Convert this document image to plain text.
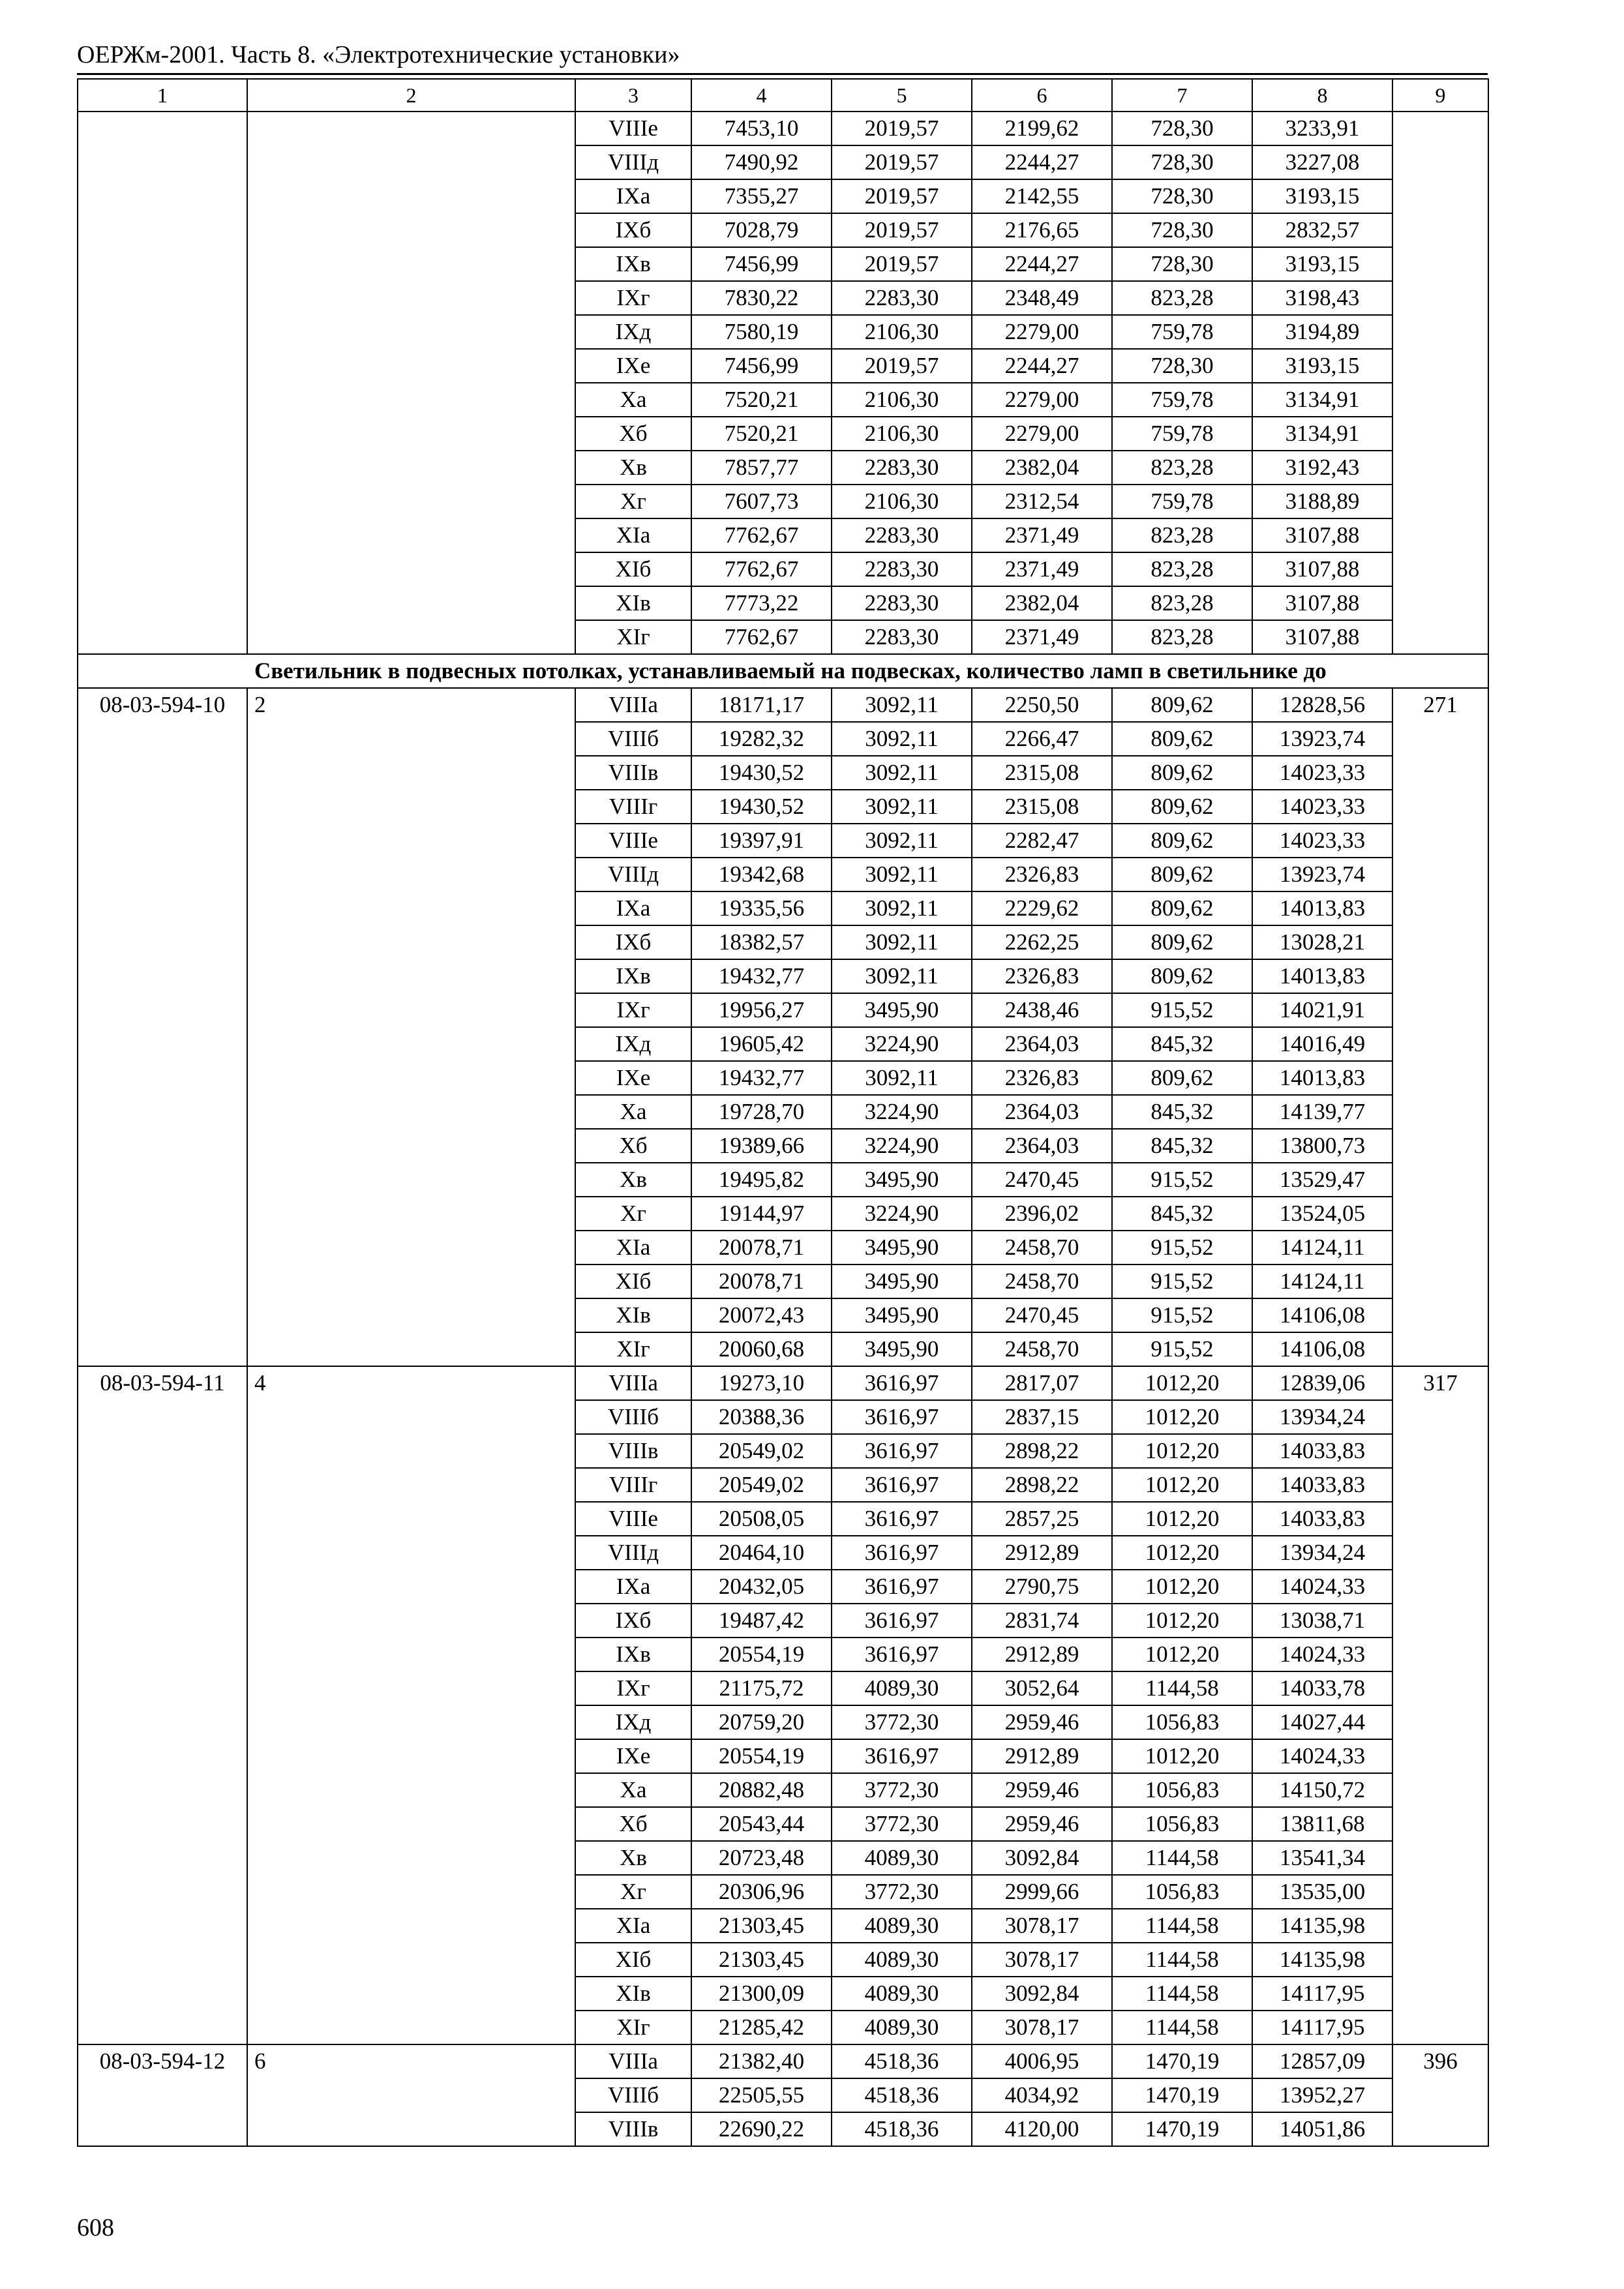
ОЕРЖм-2001. Часть 8. «Электротехнические установки»
1	2	3	4	5	6	7	8	9
		VIIIе	7453,10	2019,57	2199,62	728,30	3233,91	
		VIIIд	7490,92	2019,57	2244,27	728,30	3227,08	
		IXа	7355,27	2019,57	2142,55	728,30	3193,15	
		IXб	7028,79	2019,57	2176,65	728,30	2832,57	
		IXв	7456,99	2019,57	2244,27	728,30	3193,15	
		IXг	7830,22	2283,30	2348,49	823,28	3198,43	
		IXд	7580,19	2106,30	2279,00	759,78	3194,89	
		IXе	7456,99	2019,57	2244,27	728,30	3193,15	
		Xа	7520,21	2106,30	2279,00	759,78	3134,91	
		Xб	7520,21	2106,30	2279,00	759,78	3134,91	
		Xв	7857,77	2283,30	2382,04	823,28	3192,43	
		Xг	7607,73	2106,30	2312,54	759,78	3188,89	
		XIа	7762,67	2283,30	2371,49	823,28	3107,88	
		XIб	7762,67	2283,30	2371,49	823,28	3107,88	
		XIв	7773,22	2283,30	2382,04	823,28	3107,88	
		XIг	7762,67	2283,30	2371,49	823,28	3107,88	
Светильник в подвесных потолках, устанавливаемый на подвесках, количество ламп в светильнике до								
08-03-594-10	2	VIIIа	18171,17	3092,11	2250,50	809,62	12828,56	271
		VIIIб	19282,32	3092,11	2266,47	809,62	13923,74	
		VIIIв	19430,52	3092,11	2315,08	809,62	14023,33	
		VIIIг	19430,52	3092,11	2315,08	809,62	14023,33	
		VIIIе	19397,91	3092,11	2282,47	809,62	14023,33	
		VIIIд	19342,68	3092,11	2326,83	809,62	13923,74	
		IXа	19335,56	3092,11	2229,62	809,62	14013,83	
		IXб	18382,57	3092,11	2262,25	809,62	13028,21	
		IXв	19432,77	3092,11	2326,83	809,62	14013,83	
		IXг	19956,27	3495,90	2438,46	915,52	14021,91	
		IXд	19605,42	3224,90	2364,03	845,32	14016,49	
		IXе	19432,77	3092,11	2326,83	809,62	14013,83	
		Xа	19728,70	3224,90	2364,03	845,32	14139,77	
		Xб	19389,66	3224,90	2364,03	845,32	13800,73	
		Xв	19495,82	3495,90	2470,45	915,52	13529,47	
		Xг	19144,97	3224,90	2396,02	845,32	13524,05	
		XIа	20078,71	3495,90	2458,70	915,52	14124,11	
		XIб	20078,71	3495,90	2458,70	915,52	14124,11	
		XIв	20072,43	3495,90	2470,45	915,52	14106,08	
		XIг	20060,68	3495,90	2458,70	915,52	14106,08	
08-03-594-11	4	VIIIа	19273,10	3616,97	2817,07	1012,20	12839,06	317
		VIIIб	20388,36	3616,97	2837,15	1012,20	13934,24	
		VIIIв	20549,02	3616,97	2898,22	1012,20	14033,83	
		VIIIг	20549,02	3616,97	2898,22	1012,20	14033,83	
		VIIIе	20508,05	3616,97	2857,25	1012,20	14033,83	
		VIIIд	20464,10	3616,97	2912,89	1012,20	13934,24	
		IXа	20432,05	3616,97	2790,75	1012,20	14024,33	
		IXб	19487,42	3616,97	2831,74	1012,20	13038,71	
		IXв	20554,19	3616,97	2912,89	1012,20	14024,33	
		IXг	21175,72	4089,30	3052,64	1144,58	14033,78	
		IXд	20759,20	3772,30	2959,46	1056,83	14027,44	
		IXе	20554,19	3616,97	2912,89	1012,20	14024,33	
		Xа	20882,48	3772,30	2959,46	1056,83	14150,72	
		Xб	20543,44	3772,30	2959,46	1056,83	13811,68	
		Xв	20723,48	4089,30	3092,84	1144,58	13541,34	
		Xг	20306,96	3772,30	2999,66	1056,83	13535,00	
		XIа	21303,45	4089,30	3078,17	1144,58	14135,98	
		XIб	21303,45	4089,30	3078,17	1144,58	14135,98	
		XIв	21300,09	4089,30	3092,84	1144,58	14117,95	
		XIг	21285,42	4089,30	3078,17	1144,58	14117,95	
08-03-594-12	6	VIIIа	21382,40	4518,36	4006,95	1470,19	12857,09	396
		VIIIб	22505,55	4518,36	4034,92	1470,19	13952,27	
		VIIIв	22690,22	4518,36	4120,00	1470,19	14051,86	
608
